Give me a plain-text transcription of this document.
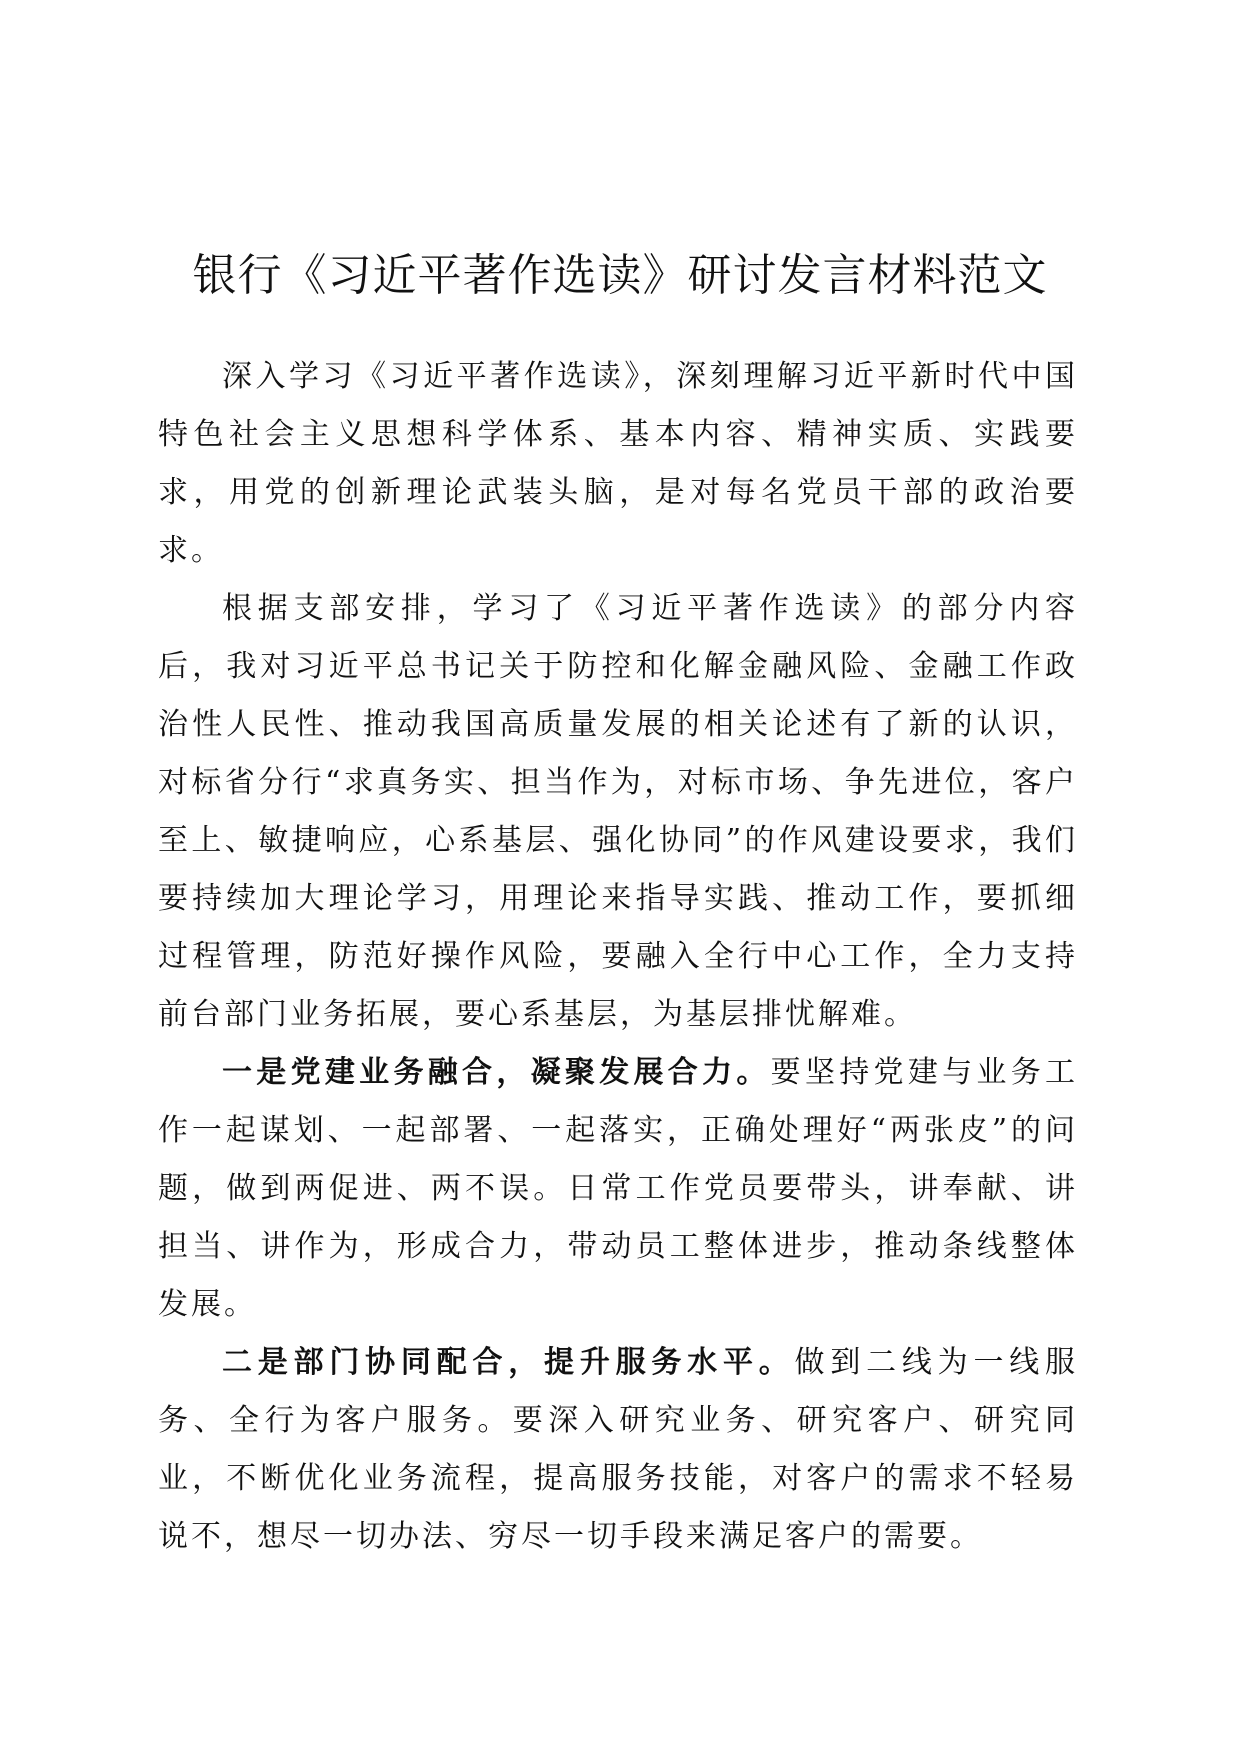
银行《习近平著作选读》研讨发言材料范文

深入学习《习近平著作选读》，深刻理解习近平新时代中国特色社会主义思想科学体系、基本内容、精神实质、实践要求，用党的创新理论武装头脑，是对每名党员干部的政治要求。

根据支部安排，学习了《习近平著作选读》的部分内容后，我对习近平总书记关于防控和化解金融风险、金融工作政治性人民性、推动我国高质量发展的相关论述有了新的认识，对标省分行“求真务实、担当作为，对标市场、争先进位，客户至上、敏捷响应，心系基层、强化协同”的作风建设要求，我们要持续加大理论学习，用理论来指导实践、推动工作，要抓细过程管理，防范好操作风险，要融入全行中心工作，全力支持前台部门业务拓展，要心系基层，为基层排忧解难。

一是党建业务融合，凝聚发展合力。要坚持党建与业务工作一起谋划、一起部署、一起落实，正确处理好“两张皮”的问题，做到两促进、两不误。日常工作党员要带头，讲奉献、讲担当、讲作为，形成合力，带动员工整体进步，推动条线整体发展。

二是部门协同配合，提升服务水平。做到二线为一线服务、全行为客户服务。要深入研究业务、研究客户、研究同业，不断优化业务流程，提高服务技能，对客户的需求不轻易说不，想尽一切办法、穷尽一切手段来满足客户的需要。
